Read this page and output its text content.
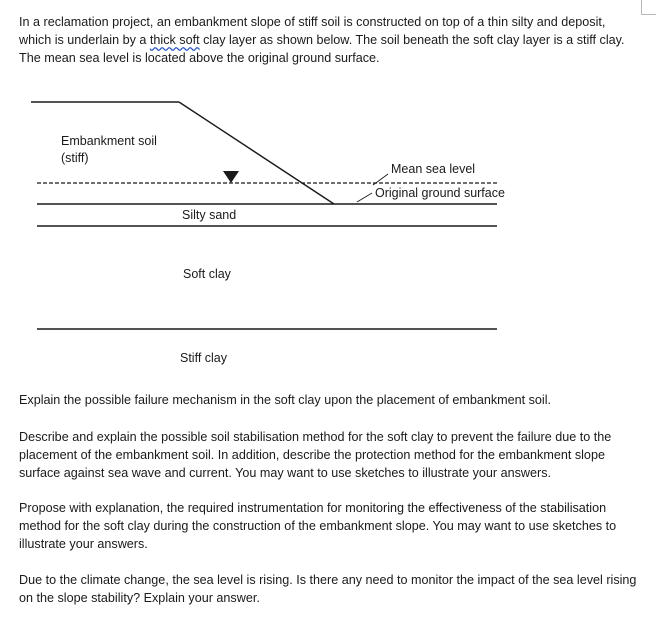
In a reclamation project, an embankment slope of stiff soil is constructed on top of a thin silty and deposit, which is underlain by a thick soft clay layer as shown below. The soil beneath the soft clay layer is a stiff clay. The mean sea level is located above the original ground surface.

Embankment soil
(stiff)
Mean sea level
Original ground surface
Silty sand
Soft clay
Stiff clay

Explain the possible failure mechanism in the soft clay upon the placement of embankment soil.

Describe and explain the possible soil stabilisation method for the soft clay to prevent the failure due to the placement of the embankment soil. In addition, describe the protection method for the embankment slope surface against sea wave and current. You may want to use sketches to illustrate your answers.

Propose with explanation, the required instrumentation for monitoring the effectiveness of the stabilisation method for the soft clay during the construction of the embankment slope. You may want to use sketches to illustrate your answers.

Due to the climate change, the sea level is rising. Is there any need to monitor the impact of the sea level rising on the slope stability? Explain your answer.
